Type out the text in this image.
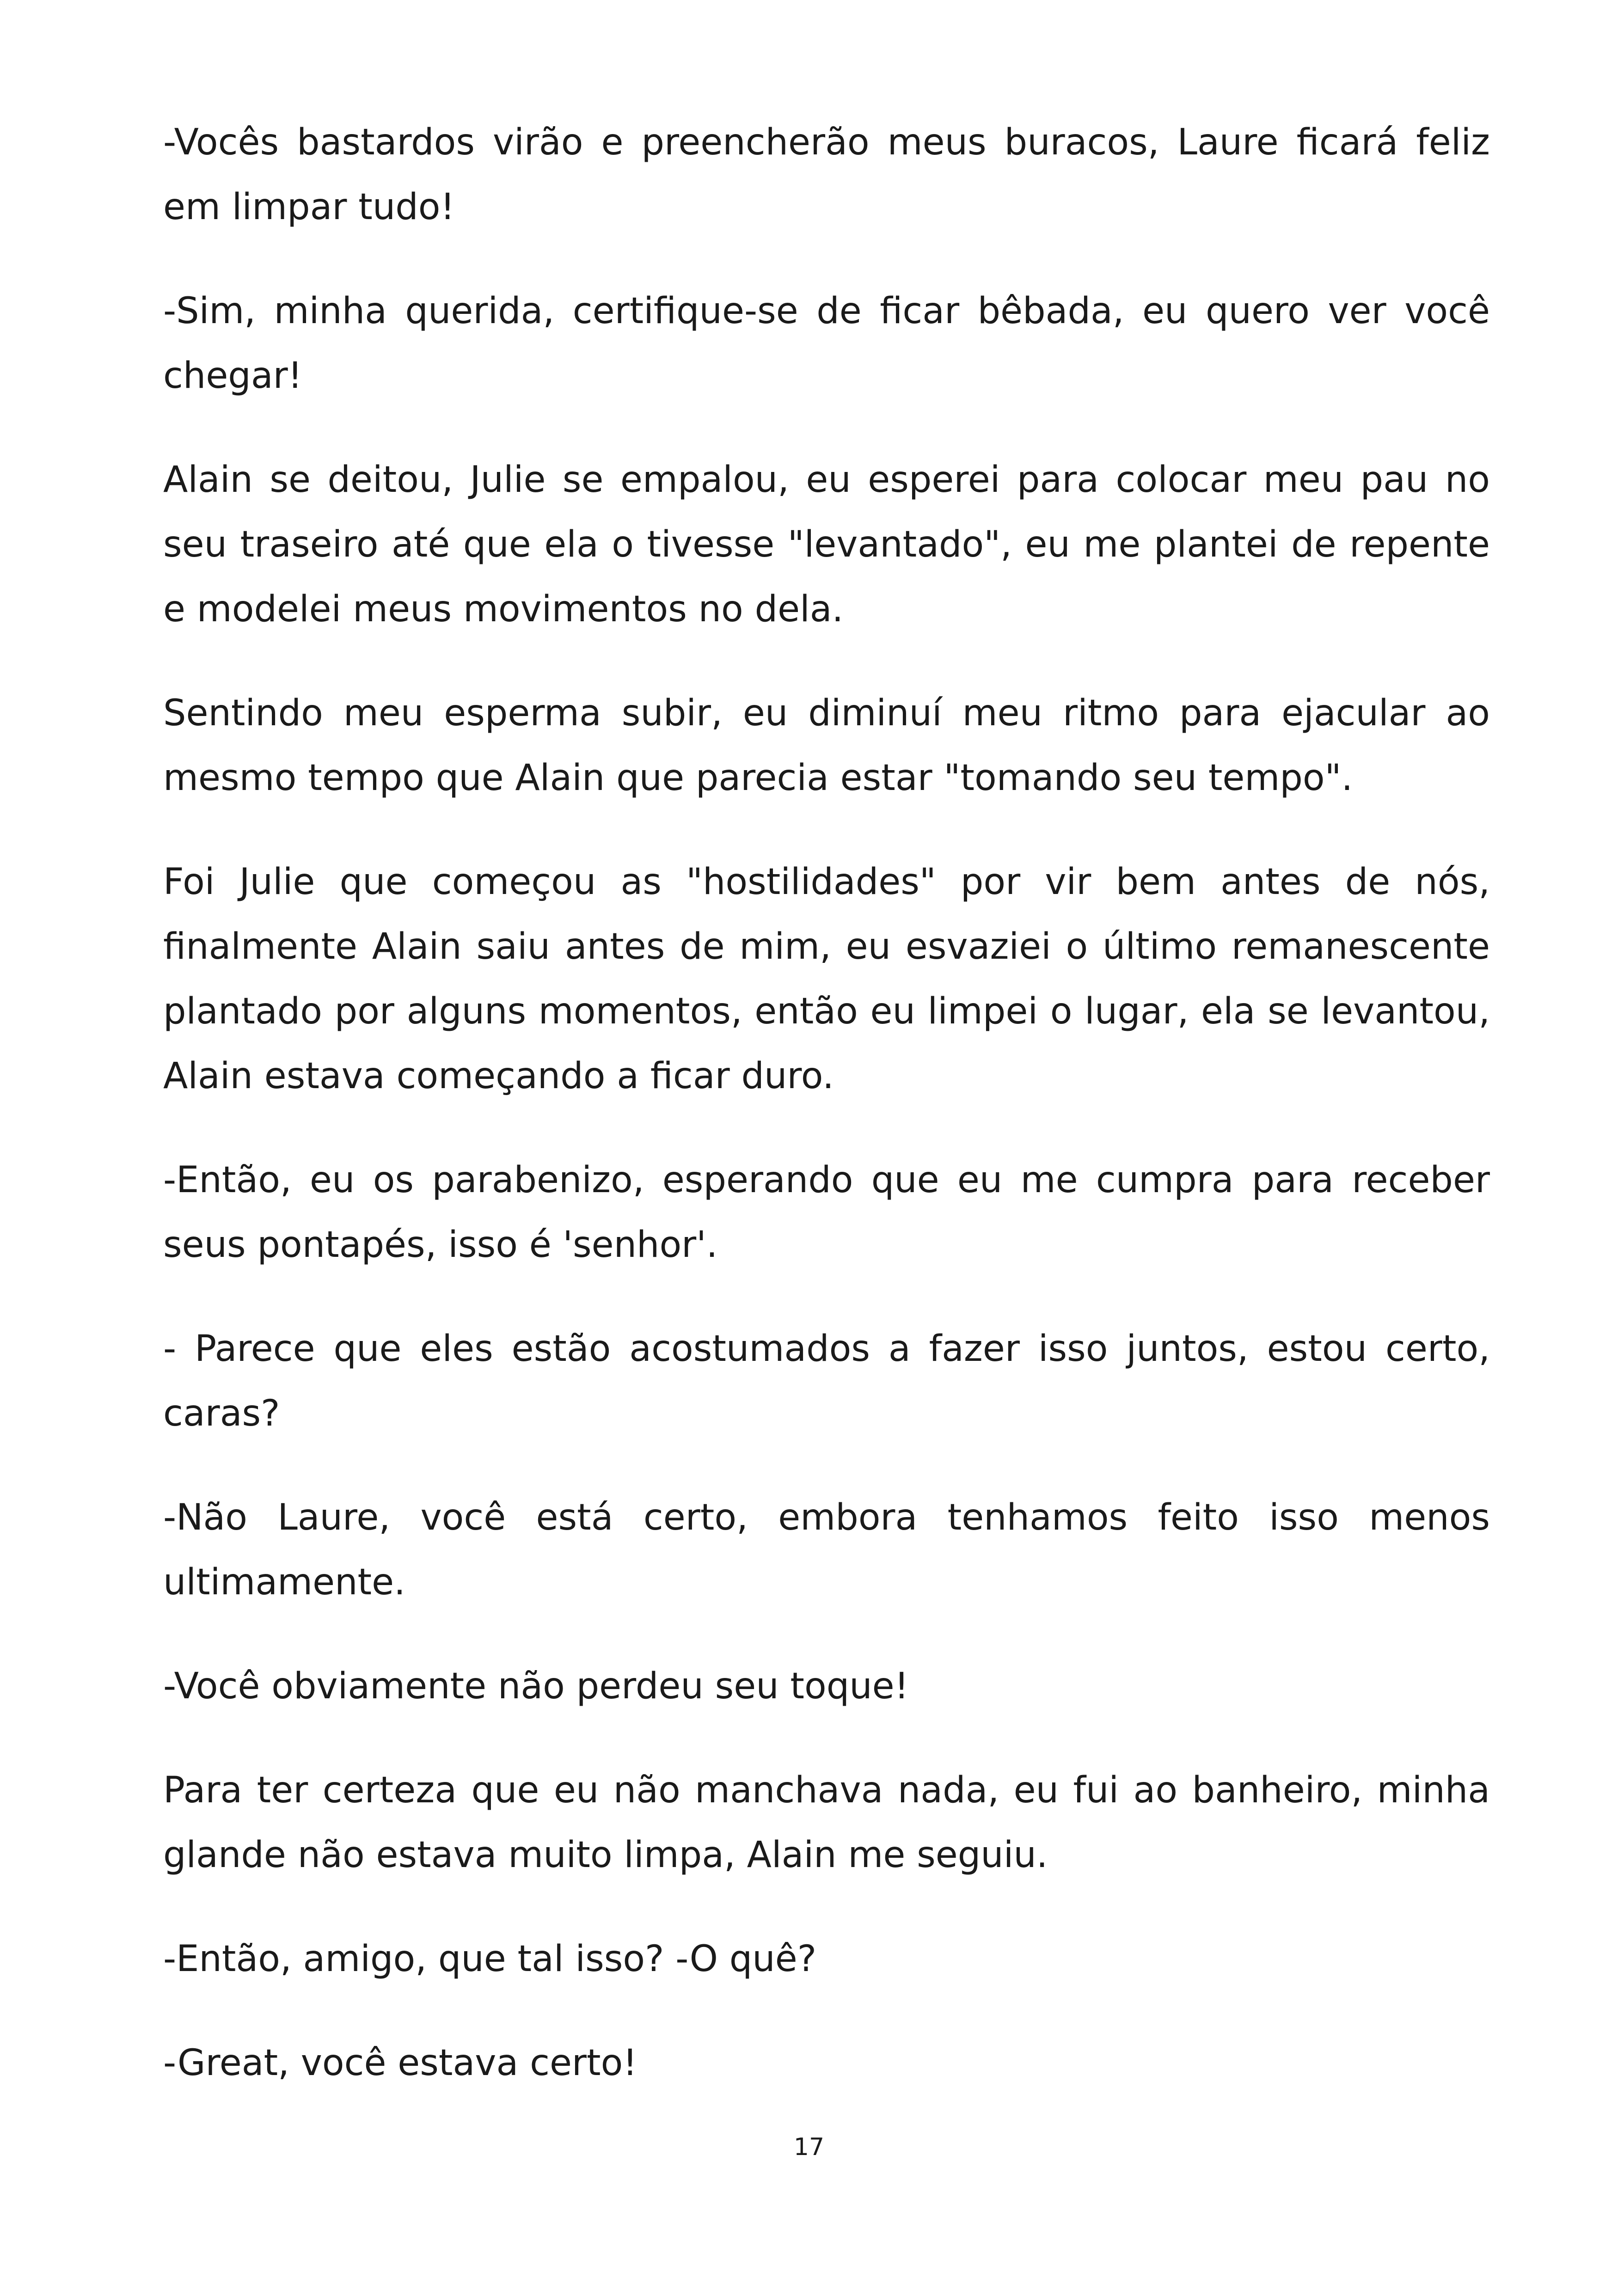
-Vocês bastardos virão e preencherão meus buracos, Laure ficará feliz em limpar tudo!

-Sim, minha querida, certifique-se de ficar bêbada, eu quero ver você chegar!

Alain se deitou, Julie se empalou, eu esperei para colocar meu pau no seu traseiro até que ela o tivesse "levantado", eu me plantei de repente e modelei meus movimentos no dela.

Sentindo meu esperma subir, eu diminuí meu ritmo para ejacular ao mesmo tempo que Alain que parecia estar "tomando seu tempo".

Foi Julie que começou as "hostilidades" por vir bem antes de nós, finalmente Alain saiu antes de mim, eu esvaziei o último remanescente plantado por alguns momentos, então eu limpei o lugar, ela se levantou, Alain estava começando a ficar duro.

-Então, eu os parabenizo, esperando que eu me cumpra para receber seus pontapés, isso é 'senhor'.

- Parece que eles estão acostumados a fazer isso juntos, estou certo, caras?

-Não Laure, você está certo, embora tenhamos feito isso menos ultimamente.

-Você obviamente não perdeu seu toque!

Para ter certeza que eu não manchava nada, eu fui ao banheiro, minha glande não estava muito limpa, Alain me seguiu.

-Então, amigo, que tal isso? -O quê?

-Great, você estava certo!

17
